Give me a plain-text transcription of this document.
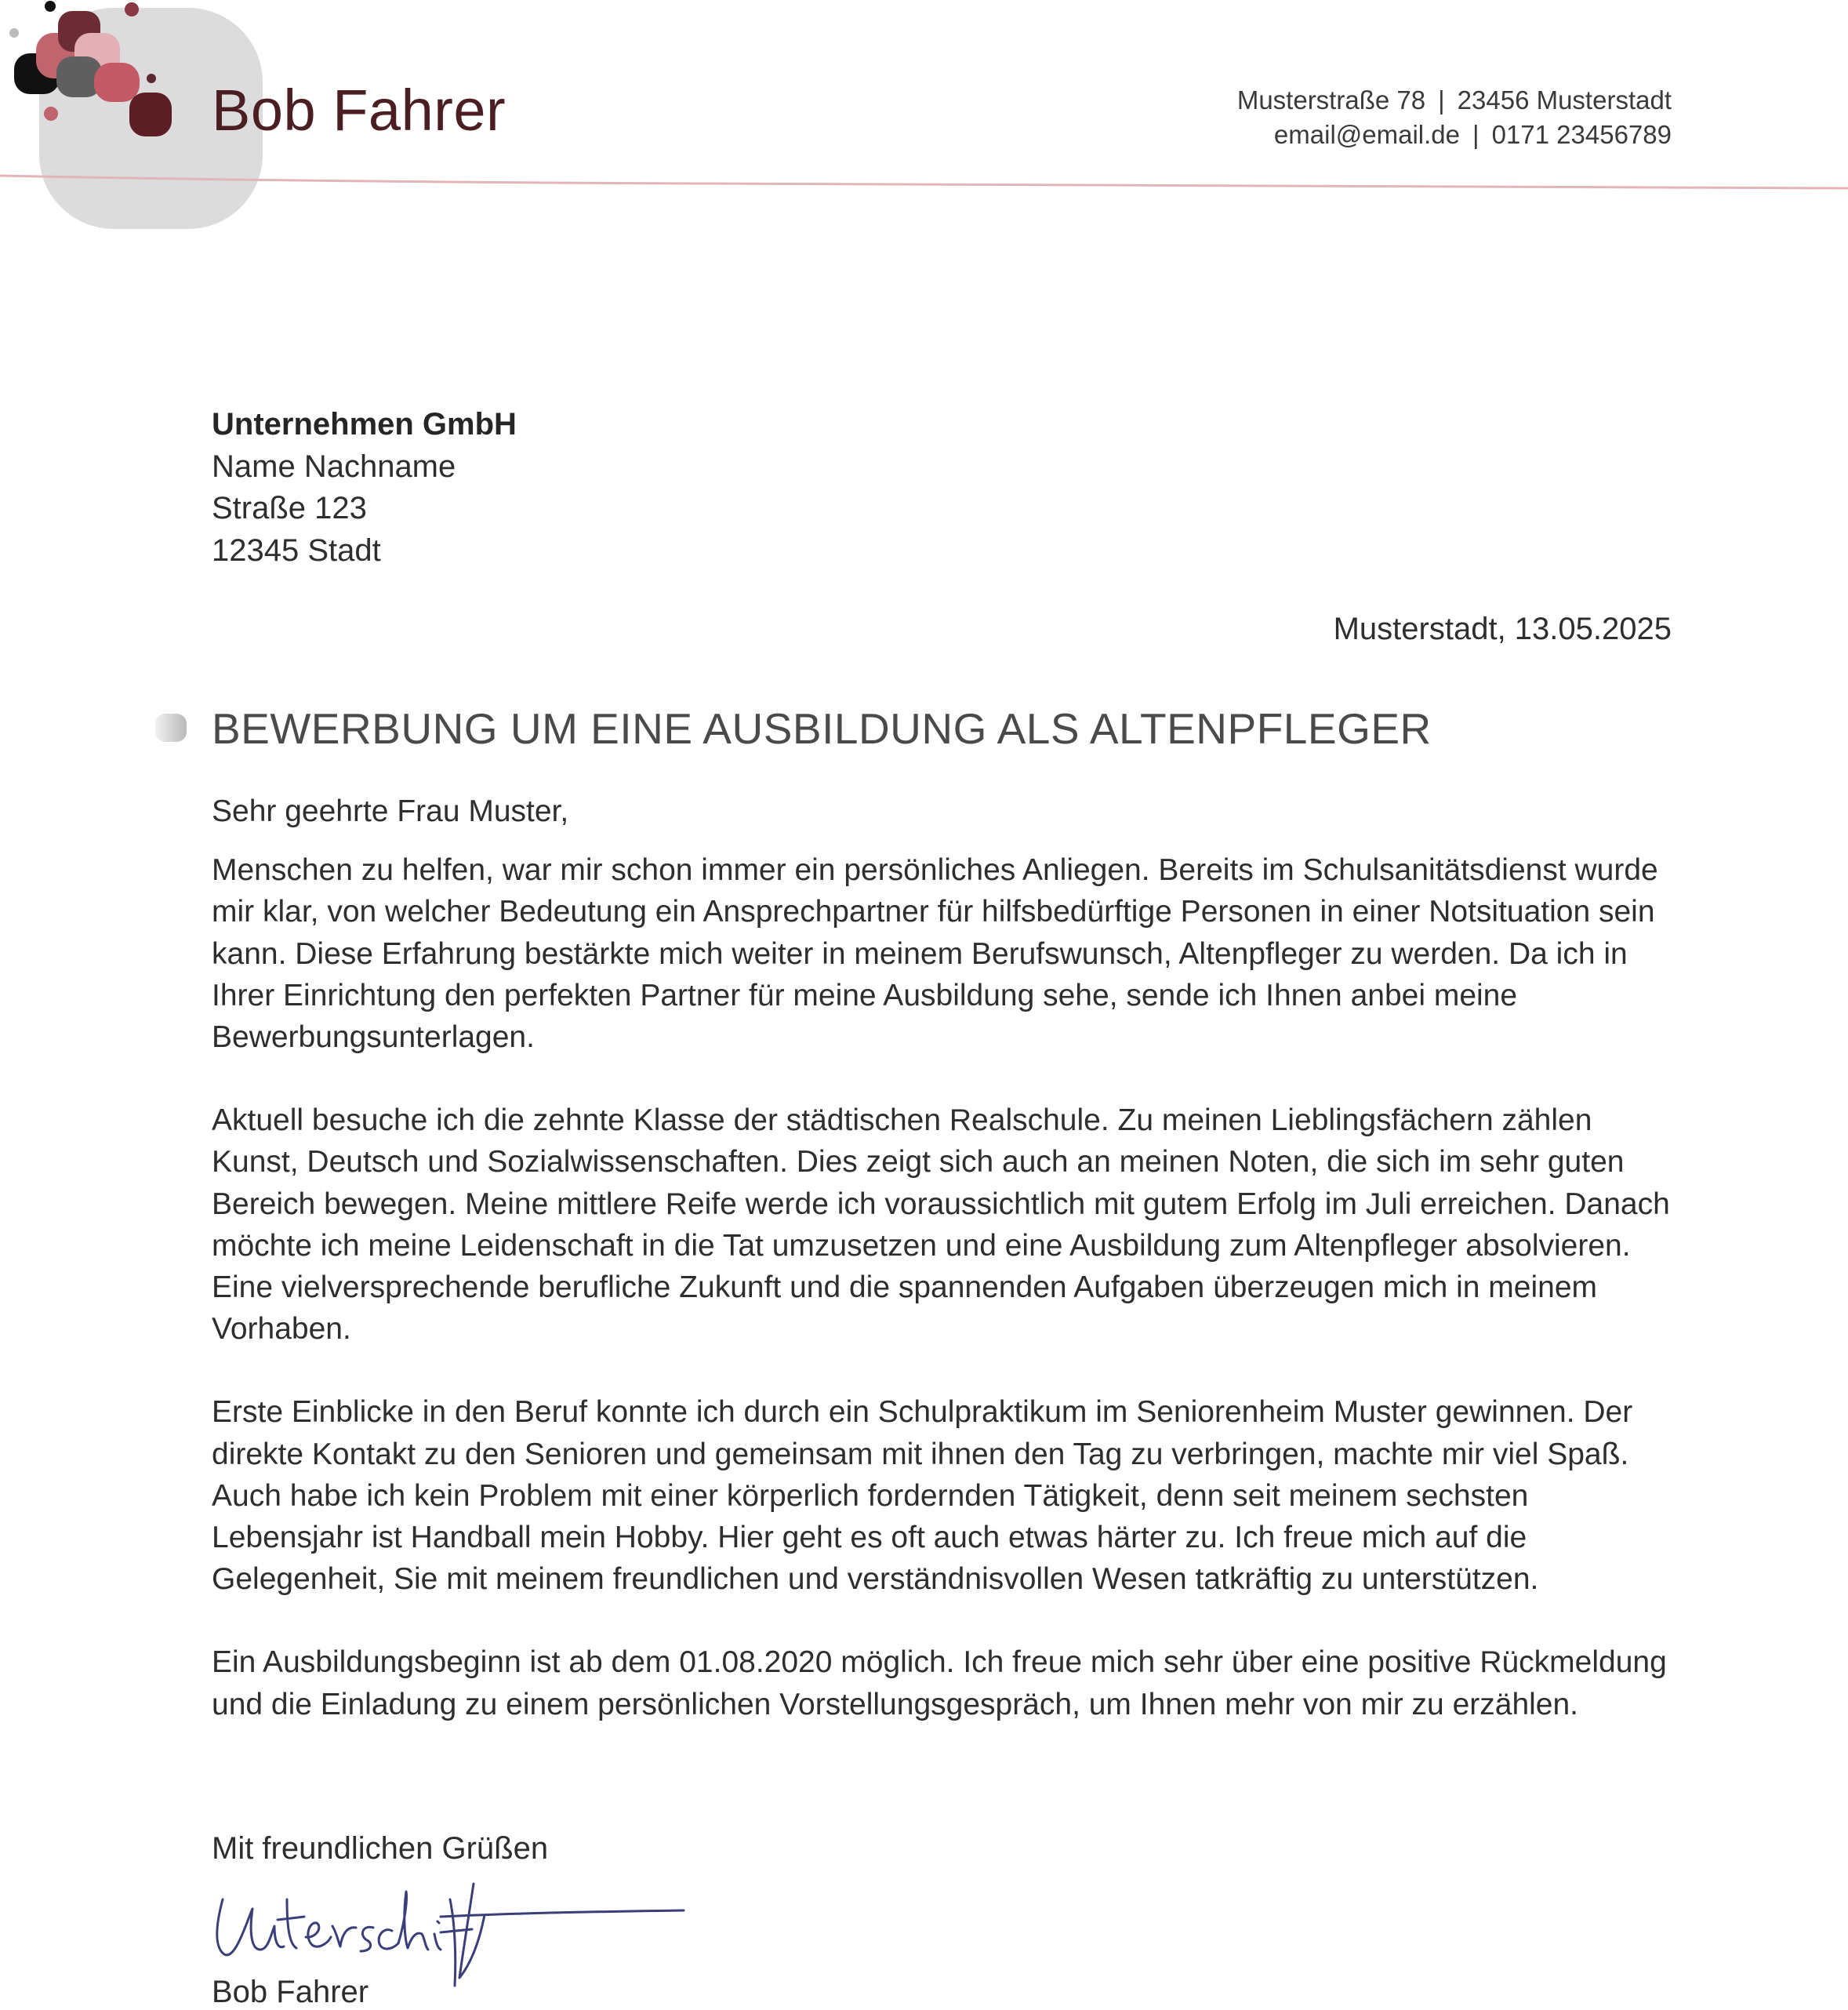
Bob Fahrer	Musterstraße 78 | 23456 Musterstadt
email@email.de | 0171 23456789
Unternehmen GmbH
Name Nachname
Straße 123
12345 Stadt
Musterstadt, 13.05.2025
BEWERBUNG UM EINE AUSBILDUNG ALS ALTENPFLEGER

Sehr geehrte Frau Muster,

Menschen zu helfen, war mir schon immer ein persönliches Anliegen. Bereits im Schulsanitätsdienst wurde mir klar, von welcher Bedeutung ein Ansprechpartner für hilfsbedürftige Personen in einer Notsituation sein kann. Diese Erfahrung bestärkte mich weiter in meinem Berufswunsch, Altenpfleger zu werden. Da ich in Ihrer Einrichtung den perfekten Partner für meine Ausbildung sehe, sende ich Ihnen anbei meine Bewerbungsunterlagen.

Aktuell besuche ich die zehnte Klasse der städtischen Realschule. Zu meinen Lieblingsfächern zählen Kunst, Deutsch und Sozialwissenschaften. Dies zeigt sich auch an meinen Noten, die sich im sehr guten Bereich bewegen. Meine mittlere Reife werde ich voraussichtlich mit gutem Erfolg im Juli erreichen. Danach möchte ich meine Leidenschaft in die Tat umzusetzen und eine Ausbildung zum Altenpfleger absolvieren. Eine vielversprechende berufliche Zukunft und die spannenden Aufgaben überzeugen mich in meinem Vorhaben.

Erste Einblicke in den Beruf konnte ich durch ein Schulpraktikum im Seniorenheim Muster gewinnen. Der direkte Kontakt zu den Senioren und gemeinsam mit ihnen den Tag zu verbringen, machte mir viel Spaß. Auch habe ich kein Problem mit einer körperlich fordernden Tätigkeit, denn seit meinem sechsten Lebensjahr ist Handball mein Hobby. Hier geht es oft auch etwas härter zu. Ich freue mich auf die Gelegenheit, Sie mit meinem freundlichen und verständnisvollen Wesen tatkräftig zu unterstützen.

Ein Ausbildungsbeginn ist ab dem 01.08.2020 möglich. Ich freue mich sehr über eine positive Rückmeldung und die Einladung zu einem persönlichen Vorstellungsgespräch, um Ihnen mehr von mir zu erzählen.

Mit freundlichen Grüßen
Unterschrift
Bob Fahrer
